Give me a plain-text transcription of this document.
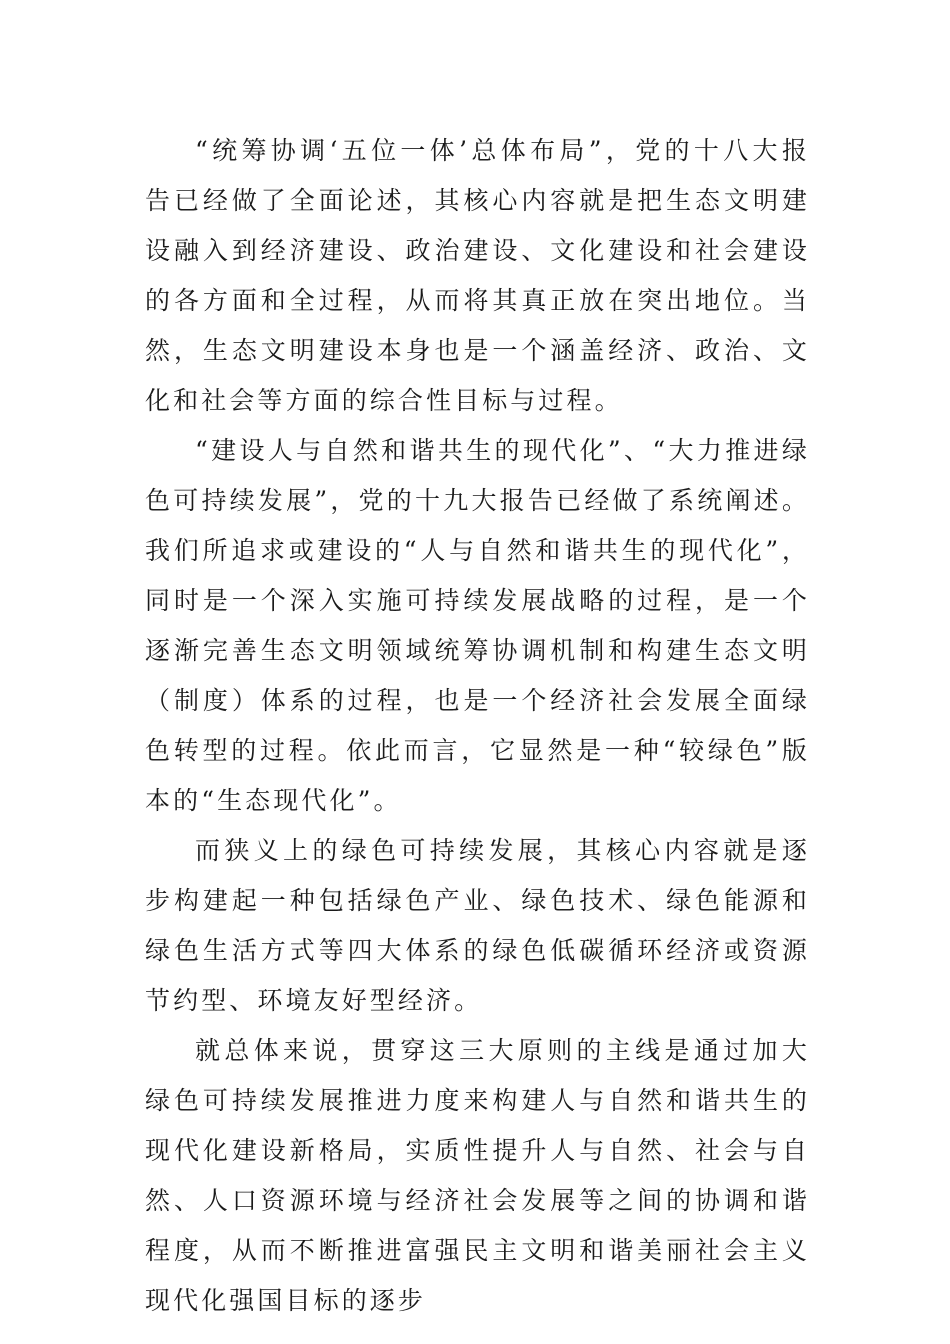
“统筹协调‘五位一体’总体布局”，党的十八大报告已经做了全面论述，其核心内容就是把生态文明建设融入到经济建设、政治建设、文化建设和社会建设的各方面和全过程，从而将其真正放在突出地位。当然，生态文明建设本身也是一个涵盖经济、政治、文化和社会等方面的综合性目标与过程。

“建设人与自然和谐共生的现代化”、“大力推进绿色可持续发展”，党的十九大报告已经做了系统阐述。我们所追求或建设的“人与自然和谐共生的现代化”，同时是一个深入实施可持续发展战略的过程，是一个逐渐完善生态文明领域统筹协调机制和构建生态文明（制度）体系的过程，也是一个经济社会发展全面绿色转型的过程。依此而言，它显然是一种“较绿色”版本的“生态现代化”。

而狭义上的绿色可持续发展，其核心内容就是逐步构建起一种包括绿色产业、绿色技术、绿色能源和绿色生活方式等四大体系的绿色低碳循环经济或资源节约型、环境友好型经济。

就总体来说，贯穿这三大原则的主线是通过加大绿色可持续发展推进力度来构建人与自然和谐共生的现代化建设新格局，实质性提升人与自然、社会与自然、人口资源环境与经济社会发展等之间的协调和谐程度，从而不断推进富强民主文明和谐美丽社会主义现代化强国目标的逐步
